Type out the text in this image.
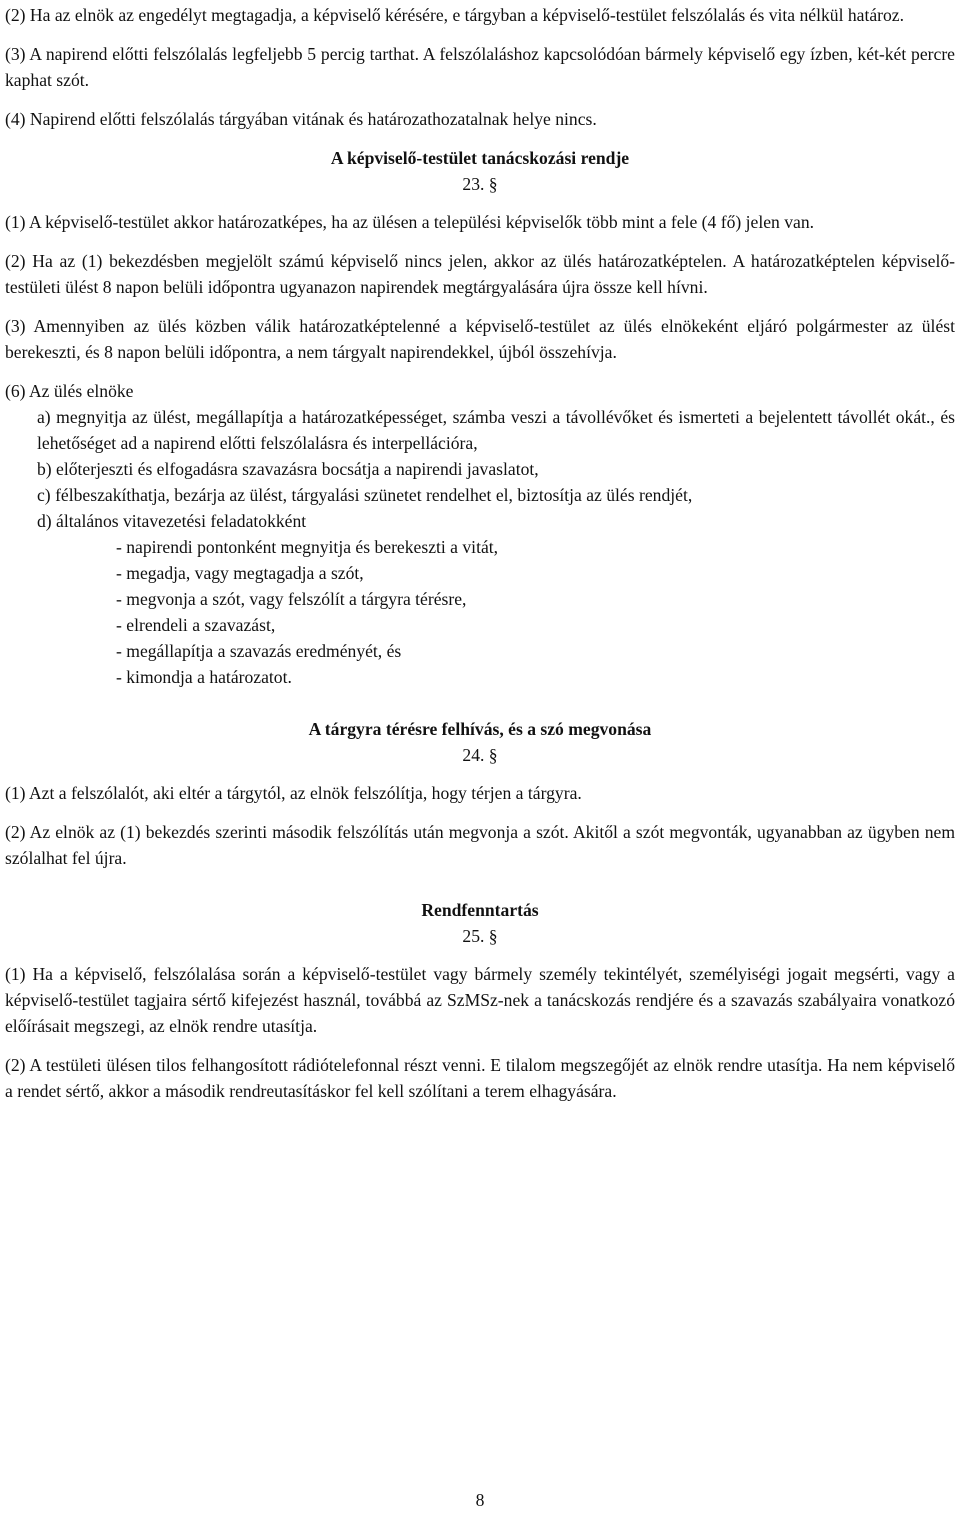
(2) Ha az elnök az engedélyt megtagadja, a képviselő kérésére, e tárgyban a képviselő-testület felszólalás és vita nélkül határoz.

(3) A napirend előtti felszólalás legfeljebb 5 percig tarthat. A felszólaláshoz kapcsolódóan bármely képviselő egy ízben, két-két percre kaphat szót.

(4) Napirend előtti felszólalás tárgyában vitának és határozathozatalnak helye nincs.

A képviselő-testület tanácskozási rendje

23. §

(1) A képviselő-testület akkor határozatképes, ha az ülésen a települési képviselők több mint a fele (4 fő) jelen van.

(2) Ha az (1) bekezdésben megjelölt számú képviselő nincs jelen, akkor az ülés határozatképtelen. A határozatképtelen képviselő-testületi ülést 8 napon belüli időpontra ugyanazon napirendek megtárgyalására újra össze kell hívni.

(3) Amennyiben az ülés közben válik határozatképtelenné a képviselő-testület az ülés elnökeként eljáró polgármester az ülést berekeszti, és 8 napon belüli időpontra, a nem tárgyalt napirendekkel, újból összehívja.

(6) Az ülés elnöke

a) megnyitja az ülést, megállapítja a határozatképességet, számba veszi a távollévőket és ismerteti a bejelentett távollét okát., és lehetőséget ad a napirend előtti felszólalásra és interpellációra,

b) előterjeszti és elfogadásra szavazásra bocsátja a napirendi javaslatot,

c) félbeszakíthatja, bezárja az ülést, tárgyalási szünetet rendelhet el, biztosítja az ülés rendjét,

d) általános vitavezetési feladatokként

- napirendi pontonként megnyitja és berekeszti a vitát,

- megadja, vagy megtagadja a szót,

- megvonja a szót, vagy felszólít a tárgyra térésre,

- elrendeli a szavazást,

- megállapítja a szavazás eredményét, és

- kimondja a határozatot.

A tárgyra térésre felhívás, és a szó megvonása

24. §

(1) Azt a felszólalót, aki eltér a tárgytól, az elnök felszólítja, hogy térjen a tárgyra.

(2) Az elnök az (1) bekezdés szerinti második felszólítás után megvonja a szót. Akitől a szót megvonták, ugyanabban az ügyben nem szólalhat fel újra.

Rendfenntartás

25. §

(1) Ha a képviselő, felszólalása során a képviselő-testület vagy bármely személy tekintélyét, személyiségi jogait megsérti, vagy a képviselő-testület tagjaira sértő kifejezést használ, továbbá az SzMSz-nek a tanácskozás rendjére és a szavazás szabályaira vonatkozó előírásait megszegi, az elnök rendre utasítja.

(2) A testületi ülésen tilos felhangosított rádiótelefonnal részt venni. E tilalom megszegőjét az elnök rendre utasítja. Ha nem képviselő a rendet sértő, akkor a második rendreutasításkor fel kell szólítani a terem elhagyására.

8
